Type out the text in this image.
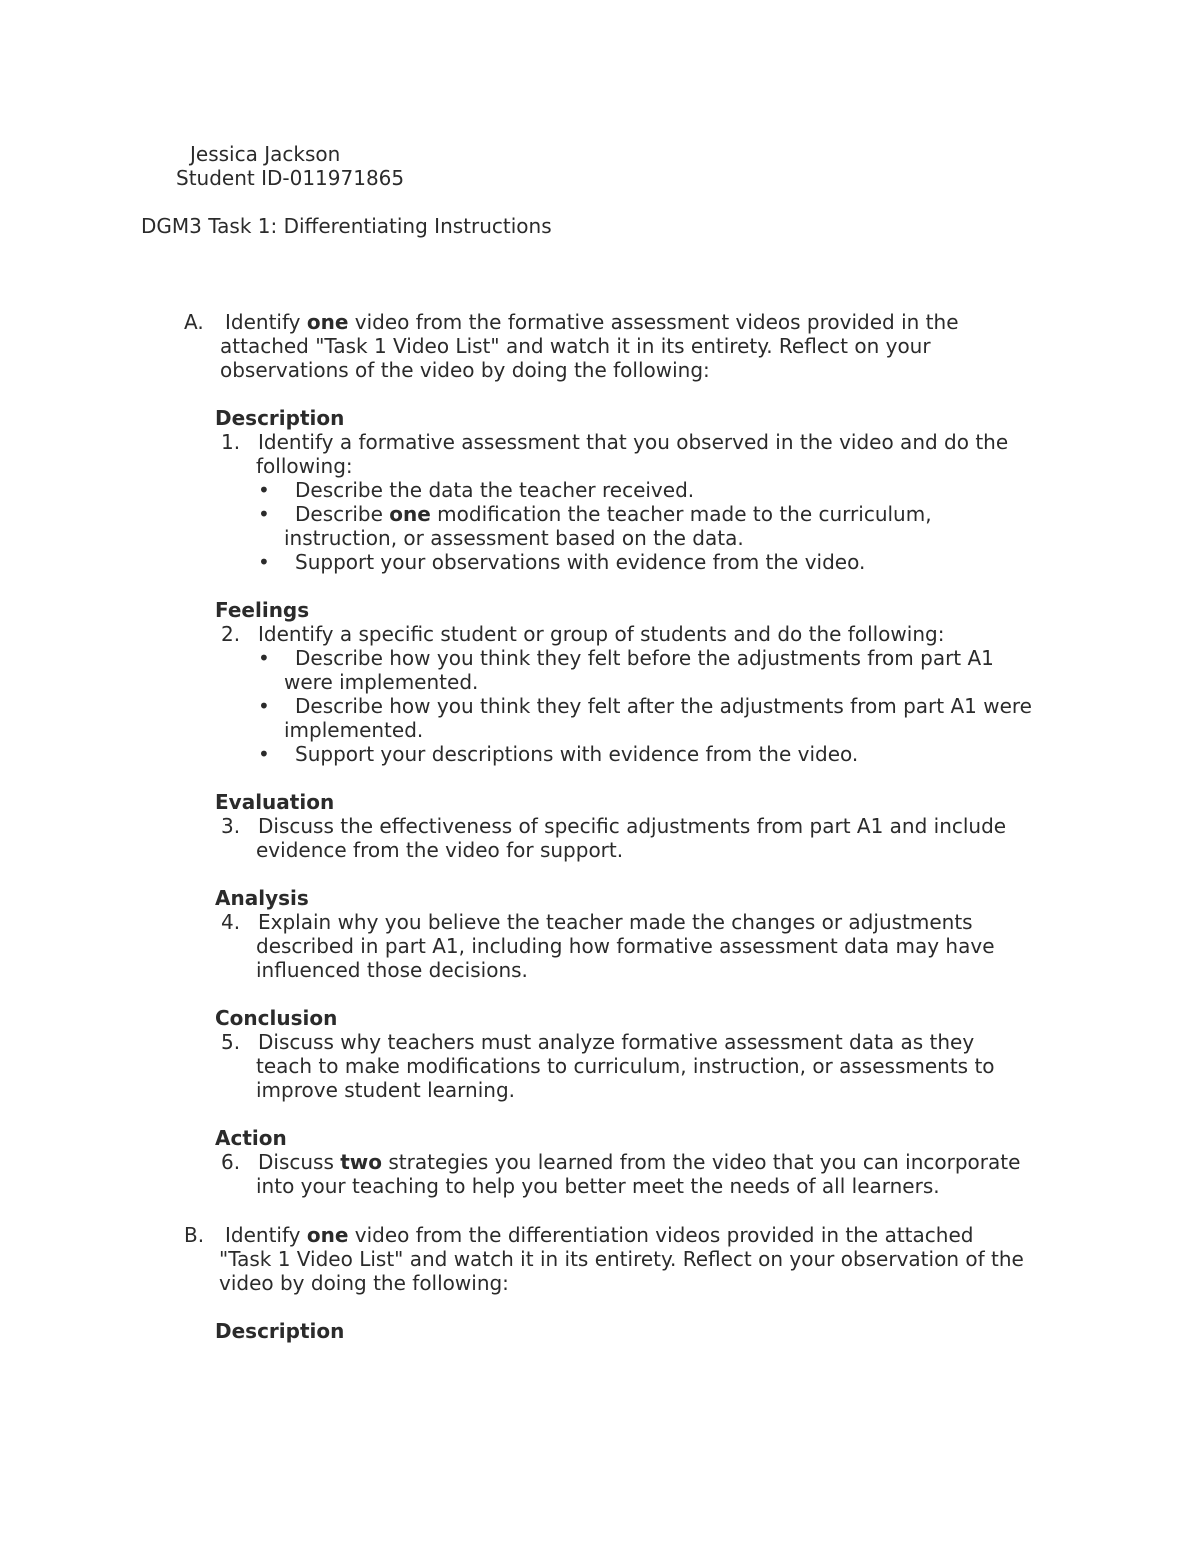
Jessica Jackson
Student ID-011971865
DGM3 Task 1: Differentiating Instructions
A. Identify one video from the formative assessment videos provided in the
attached "Task 1 Video List" and watch it in its entirety. Reflect on your
observations of the video by doing the following:
Description
1. Identify a formative assessment that you observed in the video and do the
following:
• Describe the data the teacher received.
• Describe one modification the teacher made to the curriculum,
instruction, or assessment based on the data.
• Support your observations with evidence from the video.
Feelings
2. Identify a specific student or group of students and do the following:
• Describe how you think they felt before the adjustments from part A1
were implemented.
• Describe how you think they felt after the adjustments from part A1 were
implemented.
• Support your descriptions with evidence from the video.
Evaluation
3. Discuss the effectiveness of specific adjustments from part A1 and include
evidence from the video for support.
Analysis
4. Explain why you believe the teacher made the changes or adjustments
described in part A1, including how formative assessment data may have
influenced those decisions.
Conclusion
5. Discuss why teachers must analyze formative assessment data as they
teach to make modifications to curriculum, instruction, or assessments to
improve student learning.
Action
6. Discuss two strategies you learned from the video that you can incorporate
into your teaching to help you better meet the needs of all learners.
B. Identify one video from the differentiation videos provided in the attached
"Task 1 Video List" and watch it in its entirety. Reflect on your observation of the
video by doing the following:
Description
